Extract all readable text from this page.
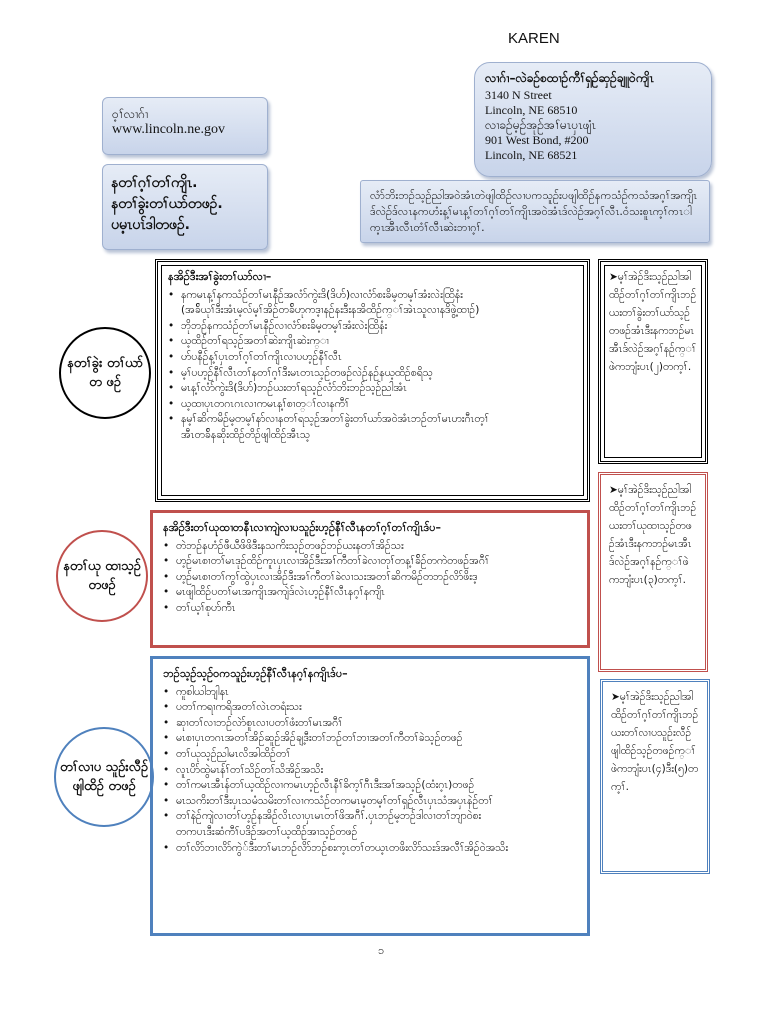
KAREN
လၢဂ်ၢ–လဲခဉ်စထၢဉ်ကီၢ်ရှဉ်ဆှဉ်ချူဝဲကျိၤ
3140 N Street
Lincoln, NE 68510
လၢခဉ်မ့ဉ်အုဉ်အၢ်မၤပှၤဖျံၤ
901 West Bond, #200
Lincoln, NE 68521
ဝ့ၢ်လၢဂ်ၢ
www.lincoln.ne.gov
နတၢ်ဂ့ၢ်တၢ်ကျိၤ.
နတၢ်ခွဲးတၢ်ယာ်တဖဉ်.
ပမ့ၤပၤ်ဒါတဖဉ်.
လံာ်ဘိးဘဉ်သ့ဉ်ညါအဝဲအံၤတဲဖျါထိဉ်လၢပကသူဉ်းပဖျါထိဉ်နကသံဉ်ကသံအဂ့ၢ်အကျိၤဒ်လဲဉ်ဒ်လၤနကဟံးန့ၢ်မၤန့ၢ်တၢ်ဂ့ၢ်တၢ်ကျိၤအဝဲအံၤဒ်လဲဉ်အဂ့ၢ်လီၤ.ဝံသးစူၤက့ၢ်ကၤါက့ၤအီၤလီၤတံၢ်လီၤဆဲးဘၢဂ့ၢ်.
နတၢ်ခွဲး တၢ်ယာ်တ ဖဉ်
နအိဉ်ဒီးအၢ်ခွဲးတၢ်ယာ်လၢ–
• နကမၤန့ၢ်နကသံဉ်တၢ်မၤနီဉ်အလံာ်ကွဲးဒိ(ဒိဟ်)လၢလံာ်စးခိမ့တမ့ၢ်အံးလဲးထြိနံး
(အခ်ိယုၢ်ဒီးအံၤမ့လ်မ့ၢ်အိဉ်တခ်ိဟုကဒ့ၢနဉ်နးဒီးနအိထိဉ်က္ၢ်အဲၤသူလၢနဒိဖွဲ့ထၢဉ်)
• ဘိုဘဉ်နကသံဉ်တၢ်မၤနီဉ်လၢလံာ်စးခိမ့တမ့ၢ်အံးလဲးထြိနံး
• ယ့ထိဉ်တၢ်ရသ့ဉ်အတၢ်ဆဲးကျိၤဆဲးက္ၢ
• ဟ်ပနီဉ်န့ၢ်ပှၤတၢ်ဂ့ၢ်တၢ်ကျိၤလၢပဟ့ဉ်နီၢ်လီၤ
• မ့ၢ်ပဟ့ဉ်နီၢ်လီၤတၢ်နတၢ်ဂ့ၢ်ဒီးမၤတၤသ့ဉ်တဖဉ်လဲဉ်နဉ်နယ့ထိဉ်စရိသ့
• မၤန့ၢ်လံာ်ကွဲးဒိ(ဒိဟ်)ဘဉ်ယးတၢ်ရသ့ဉ်လံာ်ဘိးဘဉ်သ့ဉ်ညါအံၤ
• ယ့ထၢပုၤတဂၤဂၤလၢကမၤန့ၢ်စၢတ္ၢ်လၢနကီၢ်
• နမ့ၢ်ဆိကမိဉ်မ့တမ့ၢ်နာ်လၢနတၢ်ရသ့ဉ်အတၢ်ခွဲးတၢ်ယာ်အဝဲအံၤဘဉ်တၢ်မၤဟးဂီၤတ့ၢ်
အီၤတခ်ိနဆိုးထိဉ်တိဉ်ဖျါထိဉ်အီၤသ့
➤မ့ၢ်အဲဉ်ဒိးသ့ဉ်ညါအါထိဉ်တၢ်ဂ့ၢ်တၢ်ကျိၤဘဉ်ယးတၢ်ခွဲးတၢ်ယာ်သ့ဉ်တဖဉ်အံၤဒီးနကဘဉ်မၤအီၤဒ်လဲဉ်အဂ့ၢ်နဉ်က္ၢ်ဖဲကဘျံးပၤ(၂)တက့ၢ်.
နတၢ်ယု ထၢသ့ဉ် တဖဉ်
နအိဉ်ဒီးတၢ်ယုထၢတနီၤလၢကျဲလၢပသူဉ်းဟ့ဉ်နီၢ်လီၤနတၢ်ဂ့ၢ်တၢ်ကျိၤဒ်ပ–
• တဲဘဉ်နဟံဉ်ဖီယီဖိဖိဒီးနသကိးသ့ဉ်တဖဉ်ဘဉ်ယးနတၢ်အိဉ်သး
• ဟ့ဉ်မၤစၢတၢ်မၤဒုဉ်ထိဉ်ကူၤပှၤလၢအိဉ်ဒီးအၢ်ကီတၢ်ခဲလၢတုၢ်တန့ၢ်ခ်ိဉ်တကဲတဖဉ်အဂီၢ်
• ဟ့ဉ်မၤစၢတၢ်ကွၢ်ထွဲပှၤလၢအိဉ်ဒီးအၢ်ကီတၢ်ခဲလၢသးအတၢ်ဆိကမိဉ်တဘဉ်လိာ်ဖိးဒ့
• မၤဖျါထိဉ်ပတၢ်မၤအကျိၤအကျဲဒ်လဲၤဟ့ဉ်နီၢ်လီၤနဂ့ၢ်နကျိၤ
• တၢ်ယ့ၢ်စုပာ်ကီၤ
➤မ့ၢ်အဲဉ်ဒိးသ့ဉ်ညါအါထိဉ်တၢ်ဂ့ၢ်တၢ်ကျိၤဘဉ်ယးတၢ်ယုထၢသ့ဉ်တဖဉ်အံၤဒီးနကဘဉ်မၤအီၤဒ်လဲဉ်အဂ့ၢ်နဉ်က္ၢ်ဖဲကဘျံးပၤ(၃)တက့ၢ်.
တၢ်လၢပ သူဉ်းလီဉ် ဖျါထိဉ် တဖဉ်
ဘဉ်သ့ဉ်သ့ဉ်ဝကသူဉ်းဟ့ဉ်နီၢ်လီၤနဂ့ၢ်နကျိၤဒ်ပ–
• ကူစါယါဘျါနၤ
• ပတၢ်ကရၢကရိအတၢ်လဲၤတရံးသး
• ဆုၢတၢ်လၢဘဉ်လဲာ်စူၤလၢပတၢ်ဖံးတၢ်မၤအဂီၢ်
• မၤစၢပှၤတဂၤအတၢ်အိဉ်ဆူဉ်အိဉ်ချ့ဒီးတၢ်ဘဉ်တၢ်ဘၢအတၢ်ကီတၢ်ခဲသ့ဉ်တဖဉ်
• တၢ်ယုသ့ဉ်ညါမၤလိအါထိဉ်တၢ်
• လူၤပိာ်ထွဲမၤန်ၢ်တၢ်သိဉ်တၢ်သိအိဉ်အသိး
• တၢ်ကမၤအီၤန်တၢ်ယ့ထိဉ်လၢကမၤဟ့ဉ်လီၤနီၢ်ခိက့ၢ်ဂီၤဒီးအၢ်အသ့ဉ်(ထံးဂ့ၤ)တဖဉ်
• မၤသကိးတၢ်ဒီးပှၤသမံသမိးတၢ်လၢကသံဉ်တကမၤမ့တမ့ၢ်တၢ်ရှဉ်လီၤပှၤသံအပှၤနဲဉ်တၢ်
• တၢ်နဲဉ်ကျဲလၢတၢ်ဟ့ဉ်နအိဉ်လိၤလၢပှၤမၤတၢ်ဖိအဂီၢ်.ပှၤဘဉ်မ့ဘဉ်ဒါလၢတၢ်ဘျာဝဲစး
တကပၤဒီးဆံကီၢ်ပဒိဉ်အတၢ်ယ့ထိဉ်အၢသ့ဉ်တဖဉ်
• တၢ်လိာ်ဘၢလိာ်ကွဲ်ဒီးတၢ်မၤဘဉ်လိာ်ဘဉ်စးက့ၤတၢ်တယ့ၤတဖိးလိာ်သးဒ်အလီၢ်အိဉ်ဝဲအသိး
➤မ့ၢ်အဲဉ်ဒိးသ့ဉ်ညါအါထိဉ်တၢ်ဂ့ၢ်တၢ်ကျိၤဘဉ်ယးတၢ်လၢပသူဉ်းလီဉ်ဖျါထိဉ်သ့ဉ်တဖဉ်က္ၢ်ဖဲကဘျံးပၤ(၄)ဒီး(၅)တက့ၢ်.
၁
